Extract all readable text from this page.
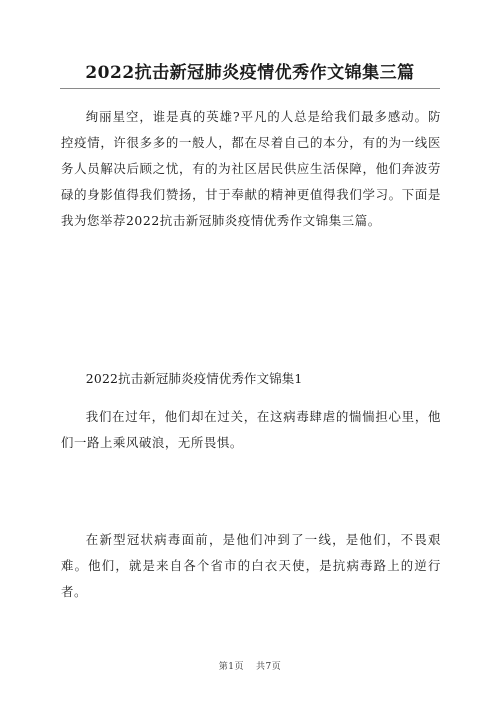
2022抗击新冠肺炎疫情优秀作文锦集三篇

绚丽星空，谁是真的英雄?平凡的人总是给我们最多感动。防控疫情，许很多多的一般人，都在尽着自己的本分，有的为一线医务人员解决后顾之忧，有的为社区居民供应生活保障，他们奔波劳碌的身影值得我们赞扬，甘于奉献的精神更值得我们学习。下面是我为您举荐2022抗击新冠肺炎疫情优秀作文锦集三篇。

2022抗击新冠肺炎疫情优秀作文锦集1

我们在过年，他们却在过关，在这病毒肆虐的惴惴担心里，他们一路上乘风破浪，无所畏惧。

在新型冠状病毒面前，是他们冲到了一线，是他们，不畏艰难。他们，就是来自各个省市的白衣天使，是抗病毒路上的逆行者。

第1页 共7页
